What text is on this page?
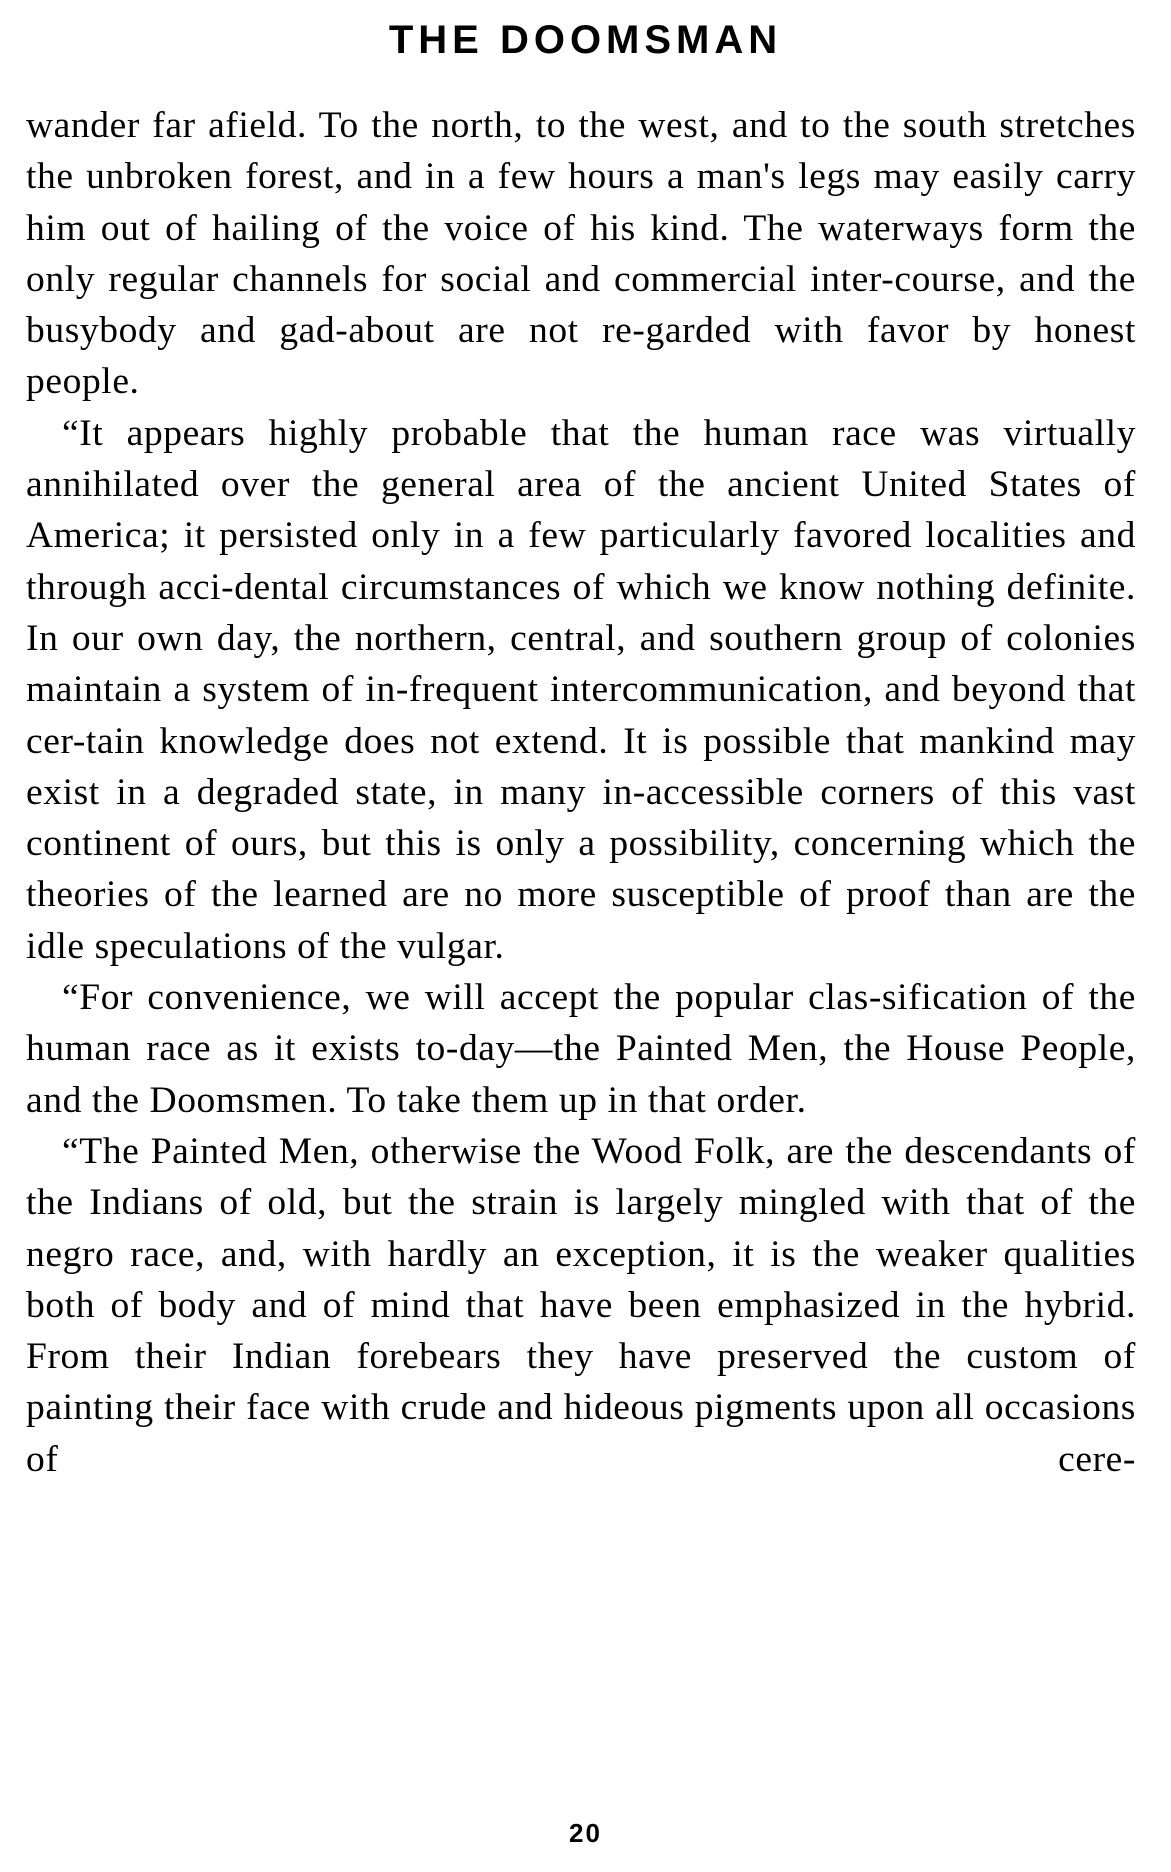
THE DOOMSMAN

wander far afield. To the north, to the west, and to the south stretches the unbroken forest, and in a few hours a man's legs may easily carry him out of hailing of the voice of his kind. The waterways form the only regular channels for social and commercial inter-course, and the busybody and gad-about are not re-garded with favor by honest people.

“It appears highly probable that the human race was virtually annihilated over the general area of the ancient United States of America; it persisted only in a few particularly favored localities and through acci-dental circumstances of which we know nothing definite. In our own day, the northern, central, and southern group of colonies maintain a system of in-frequent intercommunication, and beyond that cer-tain knowledge does not extend. It is possible that mankind may exist in a degraded state, in many in-accessible corners of this vast continent of ours, but this is only a possibility, concerning which the theories of the learned are no more susceptible of proof than are the idle speculations of the vulgar.

“For convenience, we will accept the popular clas-sification of the human race as it exists to-day—the Painted Men, the House People, and the Doomsmen. To take them up in that order.

“The Painted Men, otherwise the Wood Folk, are the descendants of the Indians of old, but the strain is largely mingled with that of the negro race, and, with hardly an exception, it is the weaker qualities both of body and of mind that have been emphasized in the hybrid. From their Indian forebears they have preserved the custom of painting their face with crude and hideous pigments upon all occasions of cere-

20
